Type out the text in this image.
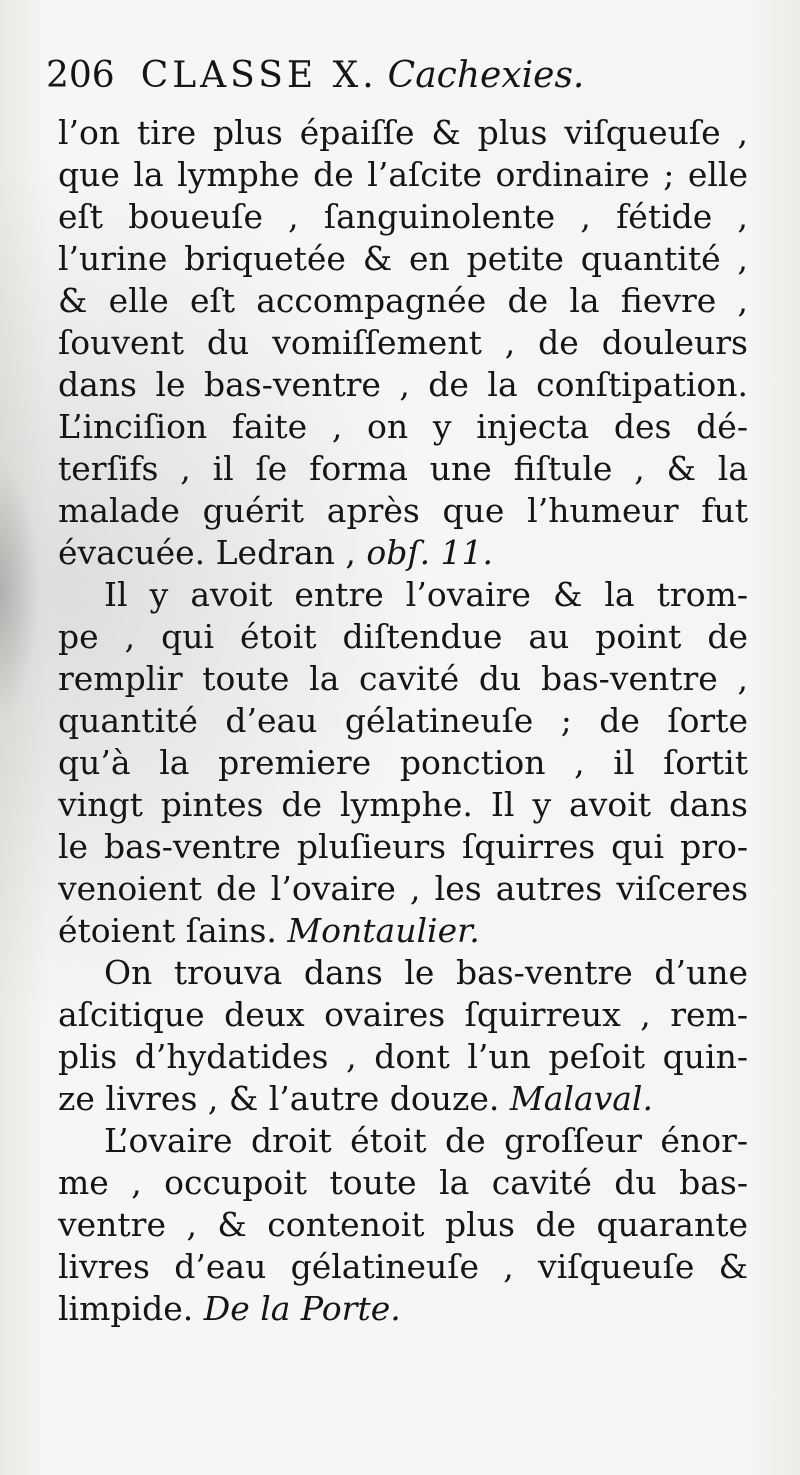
206 CLASSE X. Cachexies.
l’on tire plus épaiſſe & plus viſqueuſe ,
que la lymphe de l’aſcite ordinaire ; elle
eſt boueuſe , ſanguinolente , fétide ,
l’urine briquetée & en petite quantité ,
& elle eſt accompagnée de la fievre ,
ſouvent du vomiſſement , de douleurs
dans le bas-ventre , de la conſtipation.
L’inciſion faite , on y injecta des dé-
terſifs , il ſe forma une fiſtule , & la
malade guérit après que l’humeur fut
évacuée. Ledran , obſ. 11.
Il y avoit entre l’ovaire & la trom-
pe , qui étoit diſtendue au point de
remplir toute la cavité du bas-ventre ,
quantité d’eau gélatineuſe ; de ſorte
qu’à la premiere ponction , il ſortit
vingt pintes de lymphe. Il y avoit dans
le bas-ventre pluſieurs ſquirres qui pro-
venoient de l’ovaire , les autres viſceres
étoient ſains. Montaulier.
On trouva dans le bas-ventre d’une
aſcitique deux ovaires ſquirreux , rem-
plis d’hydatides , dont l’un peſoit quin-
ze livres , & l’autre douze. Malaval.
L’ovaire droit étoit de groſſeur énor-
me , occupoit toute la cavité du bas-
ventre , & contenoit plus de quarante
livres d’eau gélatineuſe , viſqueuſe &
limpide. De la Porte.
